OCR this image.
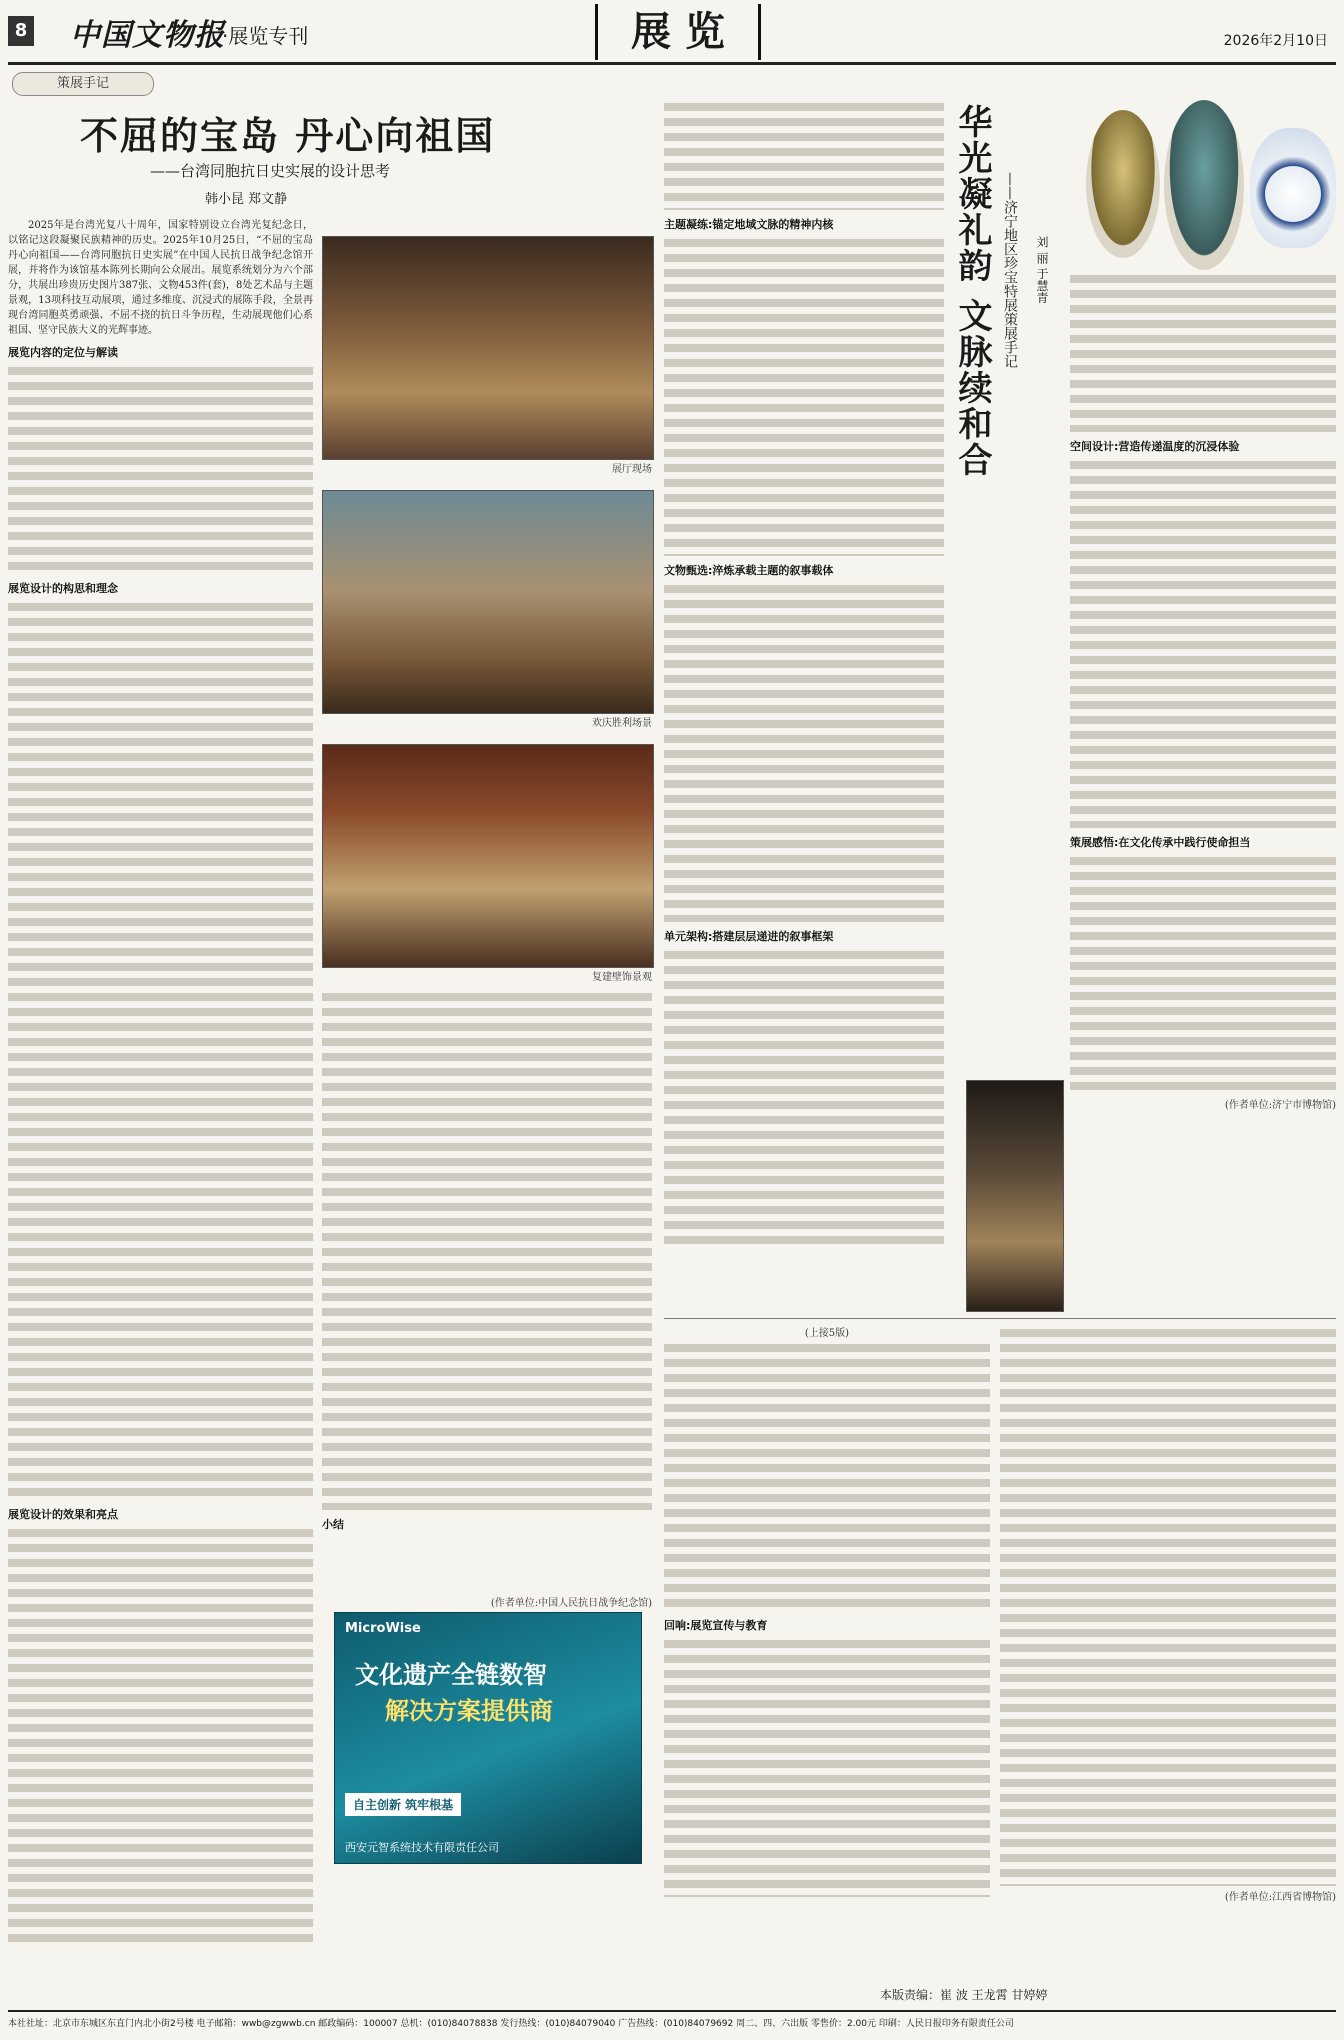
8 中国文物报
·展览专刊	展 览	2026年2月10日
策展手记
不屈的宝岛 丹心向祖国
——台湾同胞抗日史实展的设计思考
韩小昆 郑文静

2025年是台湾光复八十周年，国家特别设立台湾光复纪念日，以铭记这段凝聚民族精神的历史。2025年10月25日，“不屈的宝岛 丹心向祖国——台湾同胞抗日史实展”在中国人民抗日战争纪念馆开展，并将作为该馆基本陈列长期向公众展出。展览系统划分为六个部分，共展出珍贵历史图片387张、文物453件(套)，8处艺术品与主题景观，13项科技互动展项，通过多维度、沉浸式的展陈手段，全景再现台湾同胞英勇顽强、不屈不挠的抗日斗争历程，生动展现他们心系祖国、坚守民族大义的光辉事迹。

展览内容的定位与解读
展览设计的构思和理念
展览设计的效果和亮点
展厅现场
欢庆胜利场景
复建壁饰景观
小结
(作者单位:中国人民抗日战争纪念馆)
MicroWise
文化遗产全链数智
解决方案提供商
自主创新 筑牢根基
西安元智系统技术有限责任公司
华光凝礼韵 文脉续和合 ——济宁地区珍宝特展策展手记 刘 丽 于慧青
主题凝练:锚定地域文脉的精神内核
文物甄选:淬炼承载主题的叙事载体
单元架构:搭建层层递进的叙事框架
空间设计:营造传递温度的沉浸体验
策展感悟:在文化传承中践行使命担当
(作者单位:济宁市博物馆)
(上接5版)
回响:展览宣传与教育
(作者单位:江西省博物馆)
本版责编：崔 波 王龙霄 甘婷婷
本社社址：北京市东城区东直门内北小街2号楼 电子邮箱：wwb@zgwwb.cn 邮政编码：100007 总机：(010)84078838 发行热线：(010)84079040 广告热线：(010)84079692 周二、四、六出版 零售价：2.00元 印刷：人民日报印务有限责任公司
